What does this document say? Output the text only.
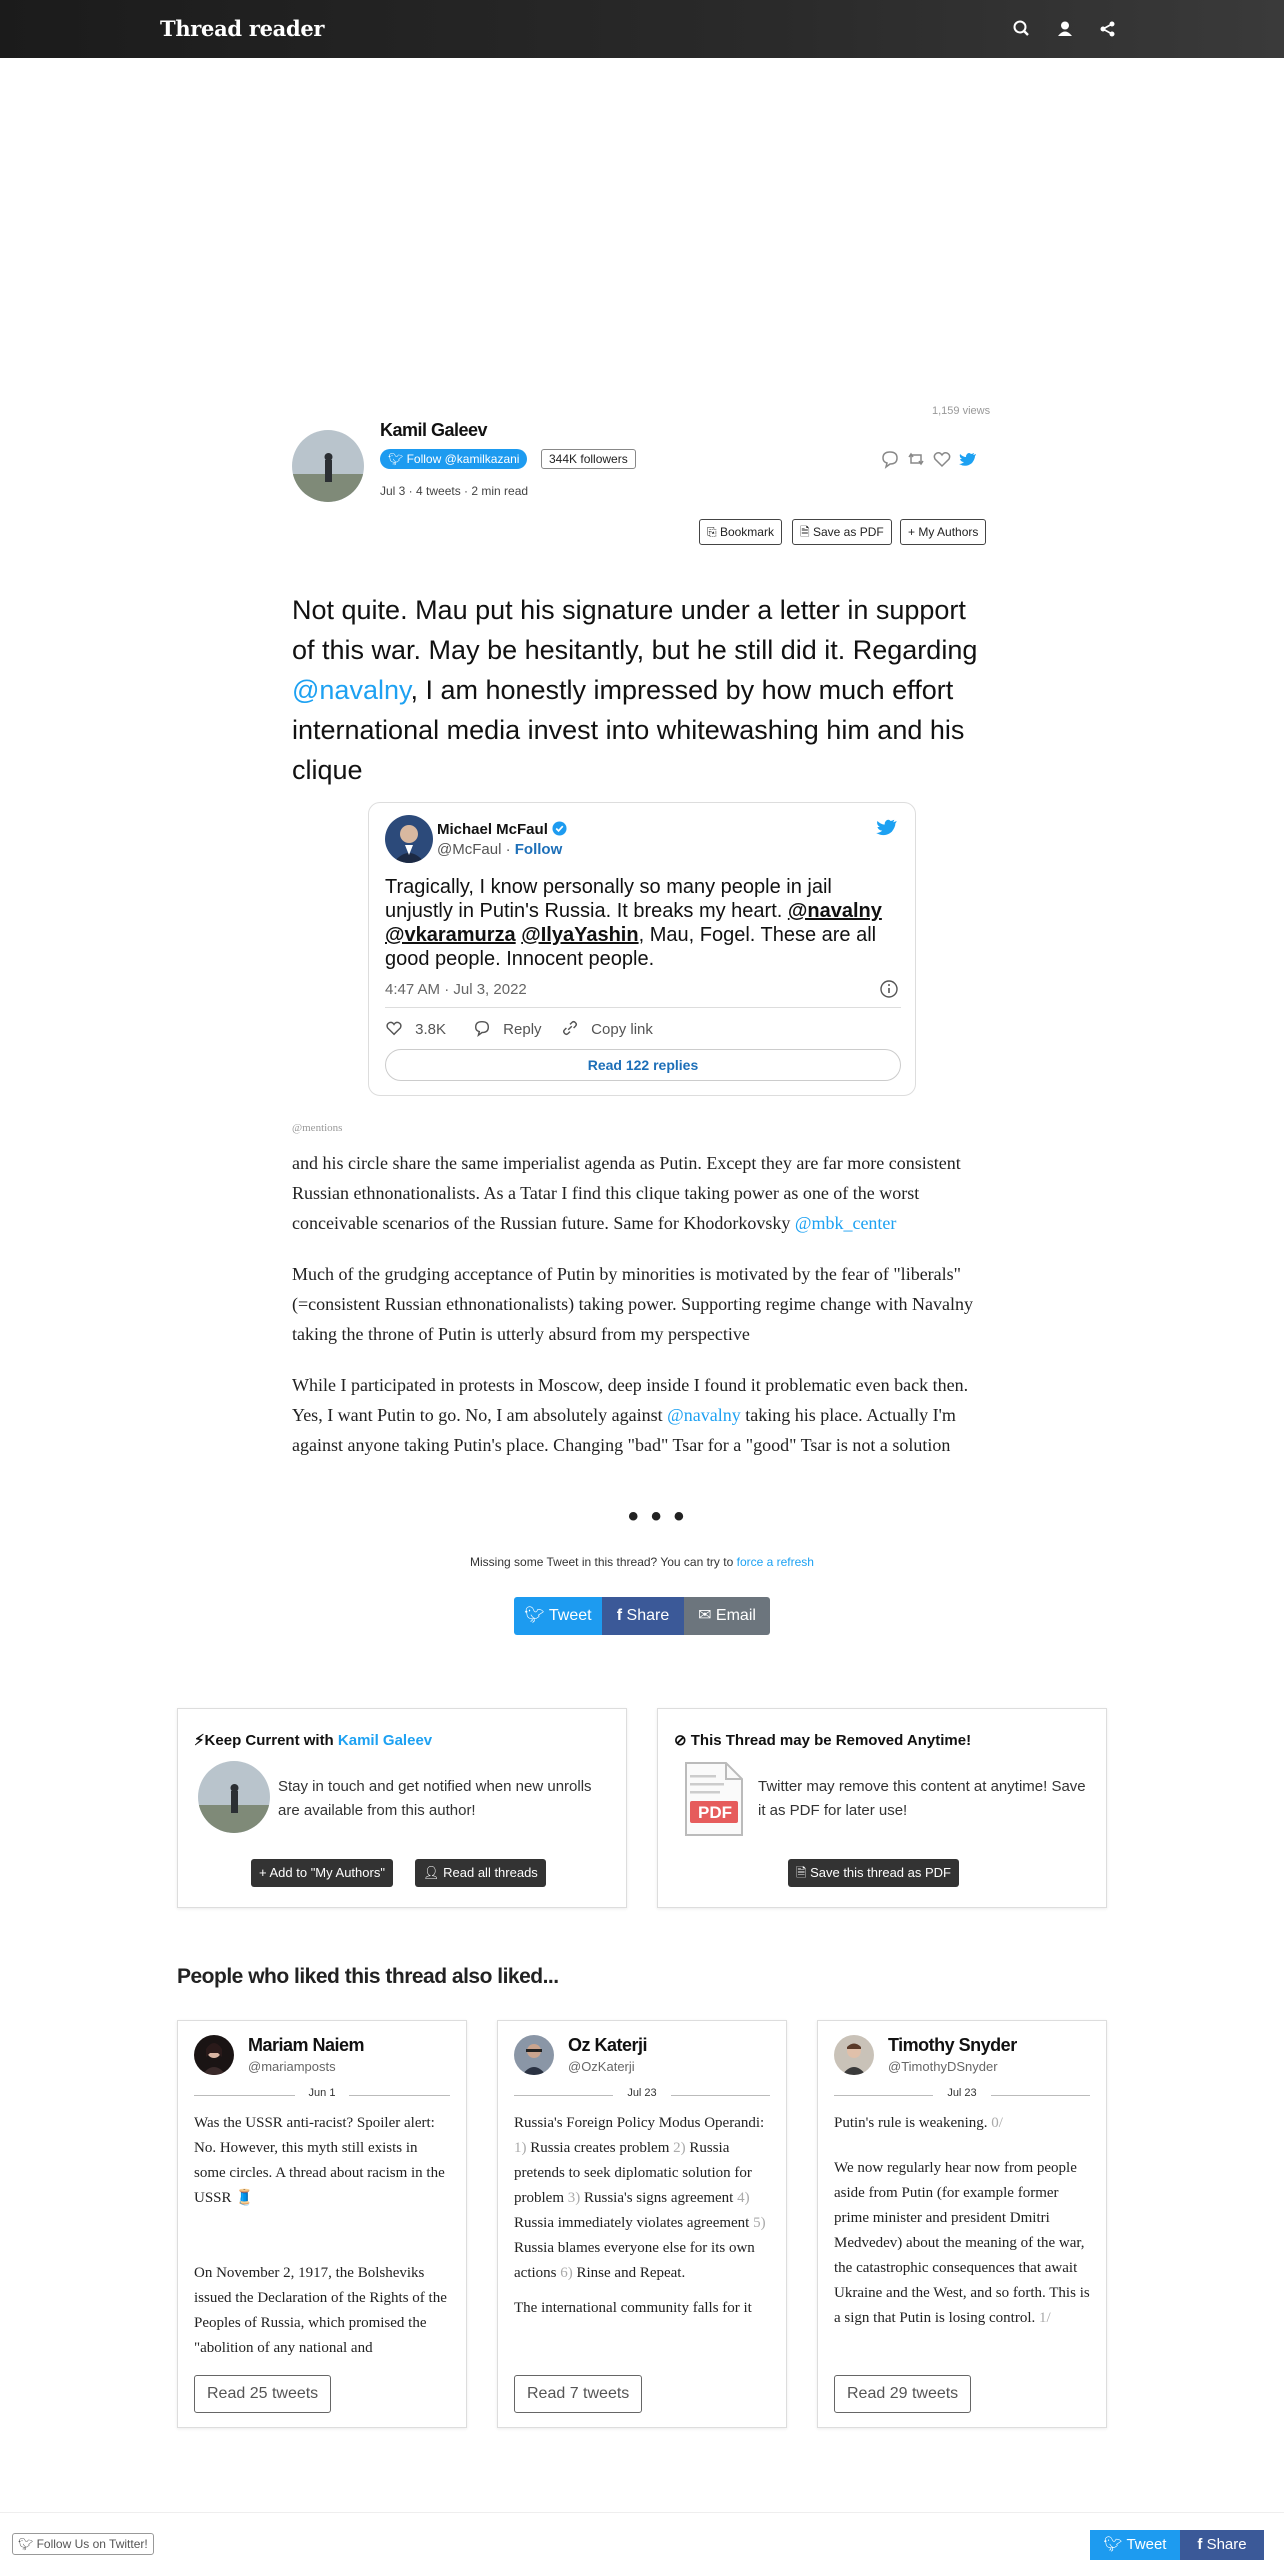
Thread reader
1,159 views
Kamil Galeev
🐦︎ Follow @kamilkazani	344K followers
Jul 3 · 4 tweets · 2 min read
⎘ Bookmark	🗎 Save as PDF	+ My Authors
Not quite. Mau put his signature under a letter in support of this war. May be hesitantly, but he still did it. Regarding @navalny, I am honestly impressed by how much effort international media invest into whitewashing him and his clique
Michael McFaul
@McFaul · Follow
Tragically, I know personally so many people in jail unjustly in Putin's Russia. It breaks my heart. @navalny @vkaramurza @IlyaYashin, Mau, Fogel. These are all good people. Innocent people.
4:47 AM · Jul 3, 2022
3.8K	Reply	Copy link
Read 122 replies
@mentions
and his circle share the same imperialist agenda as Putin. Except they are far more consistent Russian ethnonationalists. As a Tatar I find this clique taking power as one of the worst conceivable scenarios of the Russian future. Same for Khodorkovsky @mbk_center
Much of the grudging acceptance of Putin by minorities is motivated by the fear of "liberals" (=consistent Russian ethnonationalists) taking power. Supporting regime change with Navalny taking the throne of Putin is utterly absurd from my perspective
While I participated in protests in Moscow, deep inside I found it problematic even back then. Yes, I want Putin to go. No, I am absolutely against @navalny taking his place. Actually I'm against anyone taking Putin's place. Changing "bad" Tsar for a "good" Tsar is not a solution
• • •
Missing some Tweet in this thread? You can try to force a refresh
🐦︎ Tweet	f Share	✉ Email
⚡︎Keep Current with Kamil Galeev
Stay in touch and get notified when new unrolls are available from this author!
+ Add to "My Authors"	👤︎ Read all threads
⊘ This Thread may be Removed Anytime!
PDF
Twitter may remove this content at anytime! Save it as PDF for later use!
🗎 Save this thread as PDF
People who liked this thread also liked...
Mariam Naiem
@mariamposts
Jun 1
Was the USSR anti-racist? Spoiler alert: No. However, this myth still exists in some circles. A thread about racism in the USSR 🧵
On November 2, 1917, the Bolsheviks issued the Declaration of the Rights of the Peoples of Russia, which promised the "abolition of any national and
Read 25 tweets
Oz Katerji
@OzKaterji
Jul 23
Russia's Foreign Policy Modus Operandi: 1) Russia creates problem 2) Russia pretends to seek diplomatic solution for problem 3) Russia's signs agreement 4) Russia immediately violates agreement 5) Russia blames everyone else for its own actions 6) Rinse and Repeat.
The international community falls for it
Read 7 tweets
Timothy Snyder
@TimothyDSnyder
Jul 23
Putin's rule is weakening. 0/
We now regularly hear now from people aside from Putin (for example former prime minister and president Dmitri Medvedev) about the meaning of the war, the catastrophic consequences that await Ukraine and the West, and so forth. This is a sign that Putin is losing control. 1/
Read 29 tweets
🐦︎ Follow Us on Twitter!	🐦︎ Tweet	f Share
